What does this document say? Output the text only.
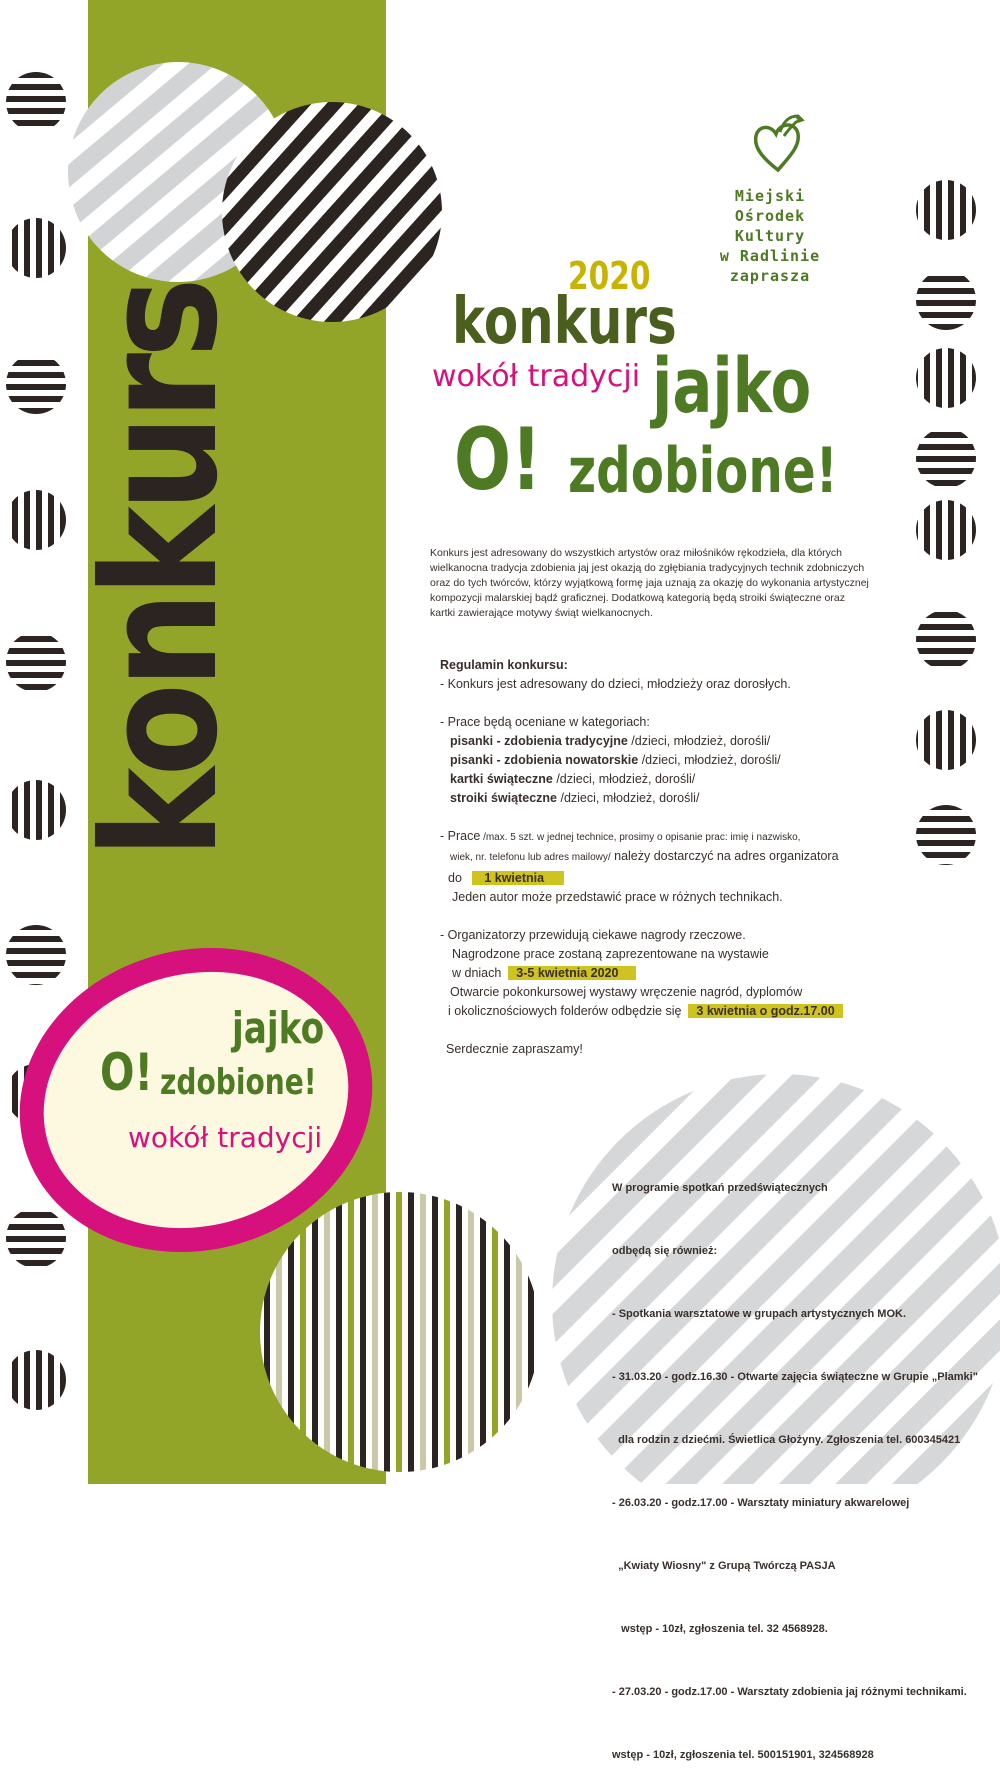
konkurs
jajko
O! zdobione!
wokół tradycji
Miejski
Ośrodek
Kultury
w Radlinie
zaprasza
2020
konkurs
wokół tradycji jajko
O! zdobione!
Konkurs jest adresowany do wszystkich artystów oraz miłośników rękodzieła, dla których
wielkanocna tradycja zdobienia jaj jest okazją do zgłębiania tradycyjnych technik zdobniczych
oraz do tych twórców, którzy wyjątkową formę jaja uznają za okazję do wykonania artystycznej
kompozycji malarskiej bądź graficznej. Dodatkową kategorią będą stroiki świąteczne oraz
kartki zawierające motywy świąt wielkanocnych.
Regulamin konkursu:
- Konkurs jest adresowany do dzieci, młodzieży oraz dorosłych.
- Prace będą oceniane w kategoriach:
pisanki - zdobienia tradycyjne /dzieci, młodzież, dorośli/
pisanki - zdobienia nowatorskie /dzieci, młodzież, dorośli/
kartki świąteczne /dzieci, młodzież, dorośli/
stroiki świąteczne /dzieci, młodzież, dorośli/
- Prace /max. 5 szt. w jednej technice, prosimy o opisanie prac: imię i nazwisko,
wiek, nr. telefonu lub adres mailowy/ należy dostarczyć na adres organizatora
do 1 kwietnia
Jeden autor może przedstawić prace w różnych technikach.
- Organizatorzy przewidują ciekawe nagrody rzeczowe.
Nagrodzone prace zostaną zaprezentowane na wystawie
w dniach 3-5 kwietnia 2020
Otwarcie pokonkursowej wystawy wręczenie nagród, dyplomów
i okolicznościowych folderów odbędzie się 3 kwietnia o godz.17.00
Serdecznie zapraszamy!

W programie spotkań przedświątecznych

odbędą się również:

- Spotkania warsztatowe w grupach artystycznych MOK.

- 31.03.20 - godz.16.30 - Otwarte zajęcia świąteczne w Grupie „Plamki"

dla rodzin z dziećmi. Świetlica Głożyny. Zgłoszenia tel. 600345421

- 26.03.20 - godz.17.00 - Warsztaty miniatury akwarelowej

„Kwiaty Wiosny" z Grupą Twórczą PASJA

wstęp - 10zł, zgłoszenia tel. 32 4568928.

- 27.03.20 - godz.17.00 - Warsztaty zdobienia jaj różnymi technikami.

wstęp - 10zł, zgłoszenia tel. 500151901, 324568928
